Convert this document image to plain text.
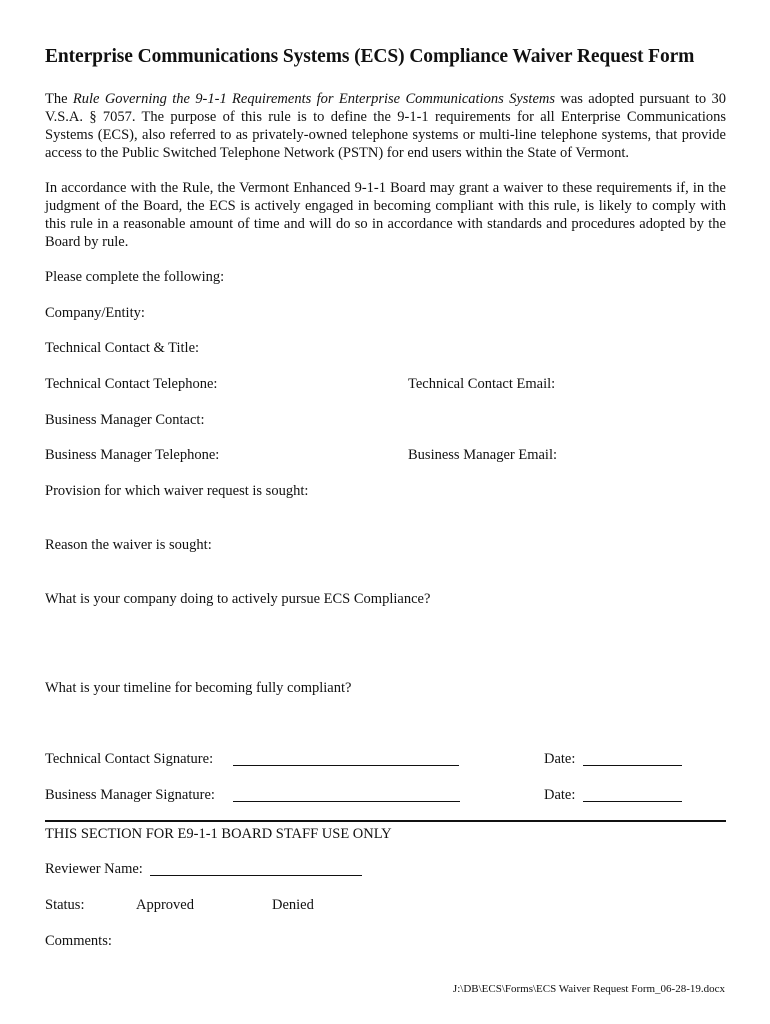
Enterprise Communications Systems (ECS) Compliance Waiver Request Form

The Rule Governing the 9-1-1 Requirements for Enterprise Communications Systems was adopted pursuant to 30 V.S.A. § 7057. The purpose of this rule is to define the 9-1-1 requirements for all Enterprise Communications Systems (ECS), also referred to as privately-owned telephone systems or multi-line telephone systems, that provide access to the Public Switched Telephone Network (PSTN) for end users within the State of Vermont.

In accordance with the Rule, the Vermont Enhanced 9-1-1 Board may grant a waiver to these requirements if, in the judgment of the Board, the ECS is actively engaged in becoming compliant with this rule, is likely to comply with this rule in a reasonable amount of time and will do so in accordance with standards and procedures adopted by the Board by rule.

Please complete the following:

Company/Entity:

Technical Contact & Title:

Technical Contact Telephone:	Technical Contact Email:

Business Manager Contact:

Business Manager Telephone:	Business Manager Email:

Provision for which waiver request is sought:

Reason the waiver is sought:

What is your company doing to actively pursue ECS Compliance?

What is your timeline for becoming fully compliant?

Technical Contact Signature:	Date:

Business Manager Signature:	Date:

THIS SECTION FOR E9-1-1 BOARD STAFF USE ONLY

Reviewer Name:

Status:	Approved	Denied

Comments:

J:\DB\ECS\Forms\ECS Waiver Request Form_06-28-19.docx
